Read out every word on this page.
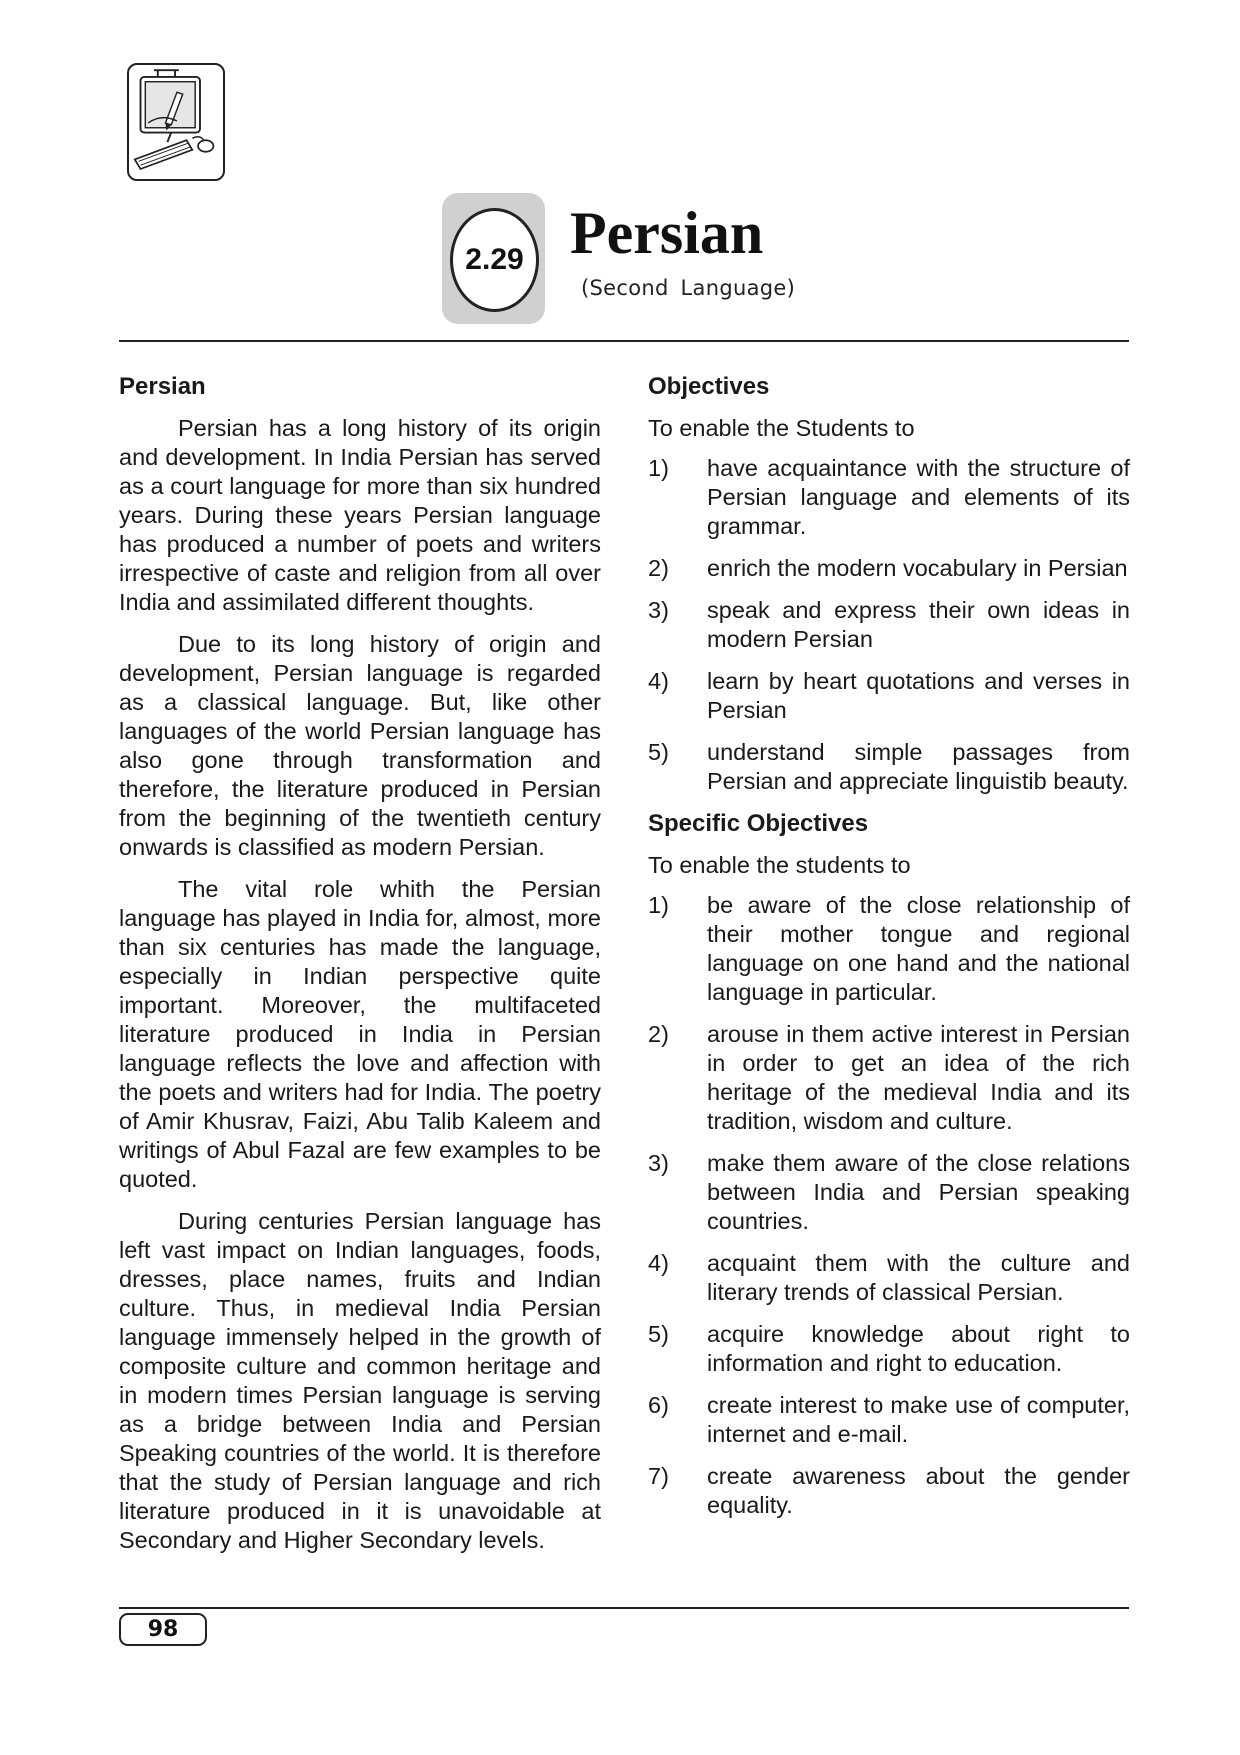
2.29 Persian
(Second Language)
Persian

Persian has a long history of its origin and development. In India Persian has served as a court language for more than six hundred years. During these years Persian language has produced a number of poets and writers irrespective of caste and religion from all over India and assimilated different thoughts.

Due to its long history of origin and development, Persian language is regarded as a classical language. But, like other languages of the world Persian language has also gone through transformation and therefore, the literature produced in Persian from the beginning of the twentieth century onwards is classified as modern Persian.

The vital role whith the Persian language has played in India for, almost, more than six centuries has made the language, especially in Indian perspective quite important. Moreover, the multifaceted literature produced in India in Persian language reflects the love and affection with the poets and writers had for India. The poetry of Amir Khusrav, Faizi, Abu Talib Kaleem and writings of Abul Fazal are few examples to be quoted.

During centuries Persian language has left vast impact on Indian languages, foods, dresses, place names, fruits and Indian culture. Thus, in medieval India Persian language immensely helped in the growth of composite culture and common heritage and in modern times Persian language is serving as a bridge between India and Persian Speaking countries of the world. It is therefore that the study of Persian language and rich literature produced in it is unavoidable at Secondary and Higher Secondary levels.

Objectives
To enable the Students to
1)	have acquaintance with the structure of Persian language and elements of its grammar.
2)	enrich the modern vocabulary in Persian
3)	speak and express their own ideas in modern Persian
4)	learn by heart quotations and verses in Persian
5)	understand simple passages from Persian and appreciate linguistib beauty.
Specific Objectives
To enable the students to
1)	be aware of the close relationship of their mother tongue and regional language on one hand and the national language in particular.
2)	arouse in them active interest in Persian in order to get an idea of the rich heritage of the medieval India and its tradition, wisdom and culture.
3)	make them aware of the close relations between India and Persian speaking countries.
4)	acquaint them with the culture and literary trends of classical Persian.
5)	acquire knowledge about right to information and right to education.
6)	create interest to make use of computer, internet and e-mail.
7)	create awareness about the gender equality.
98
